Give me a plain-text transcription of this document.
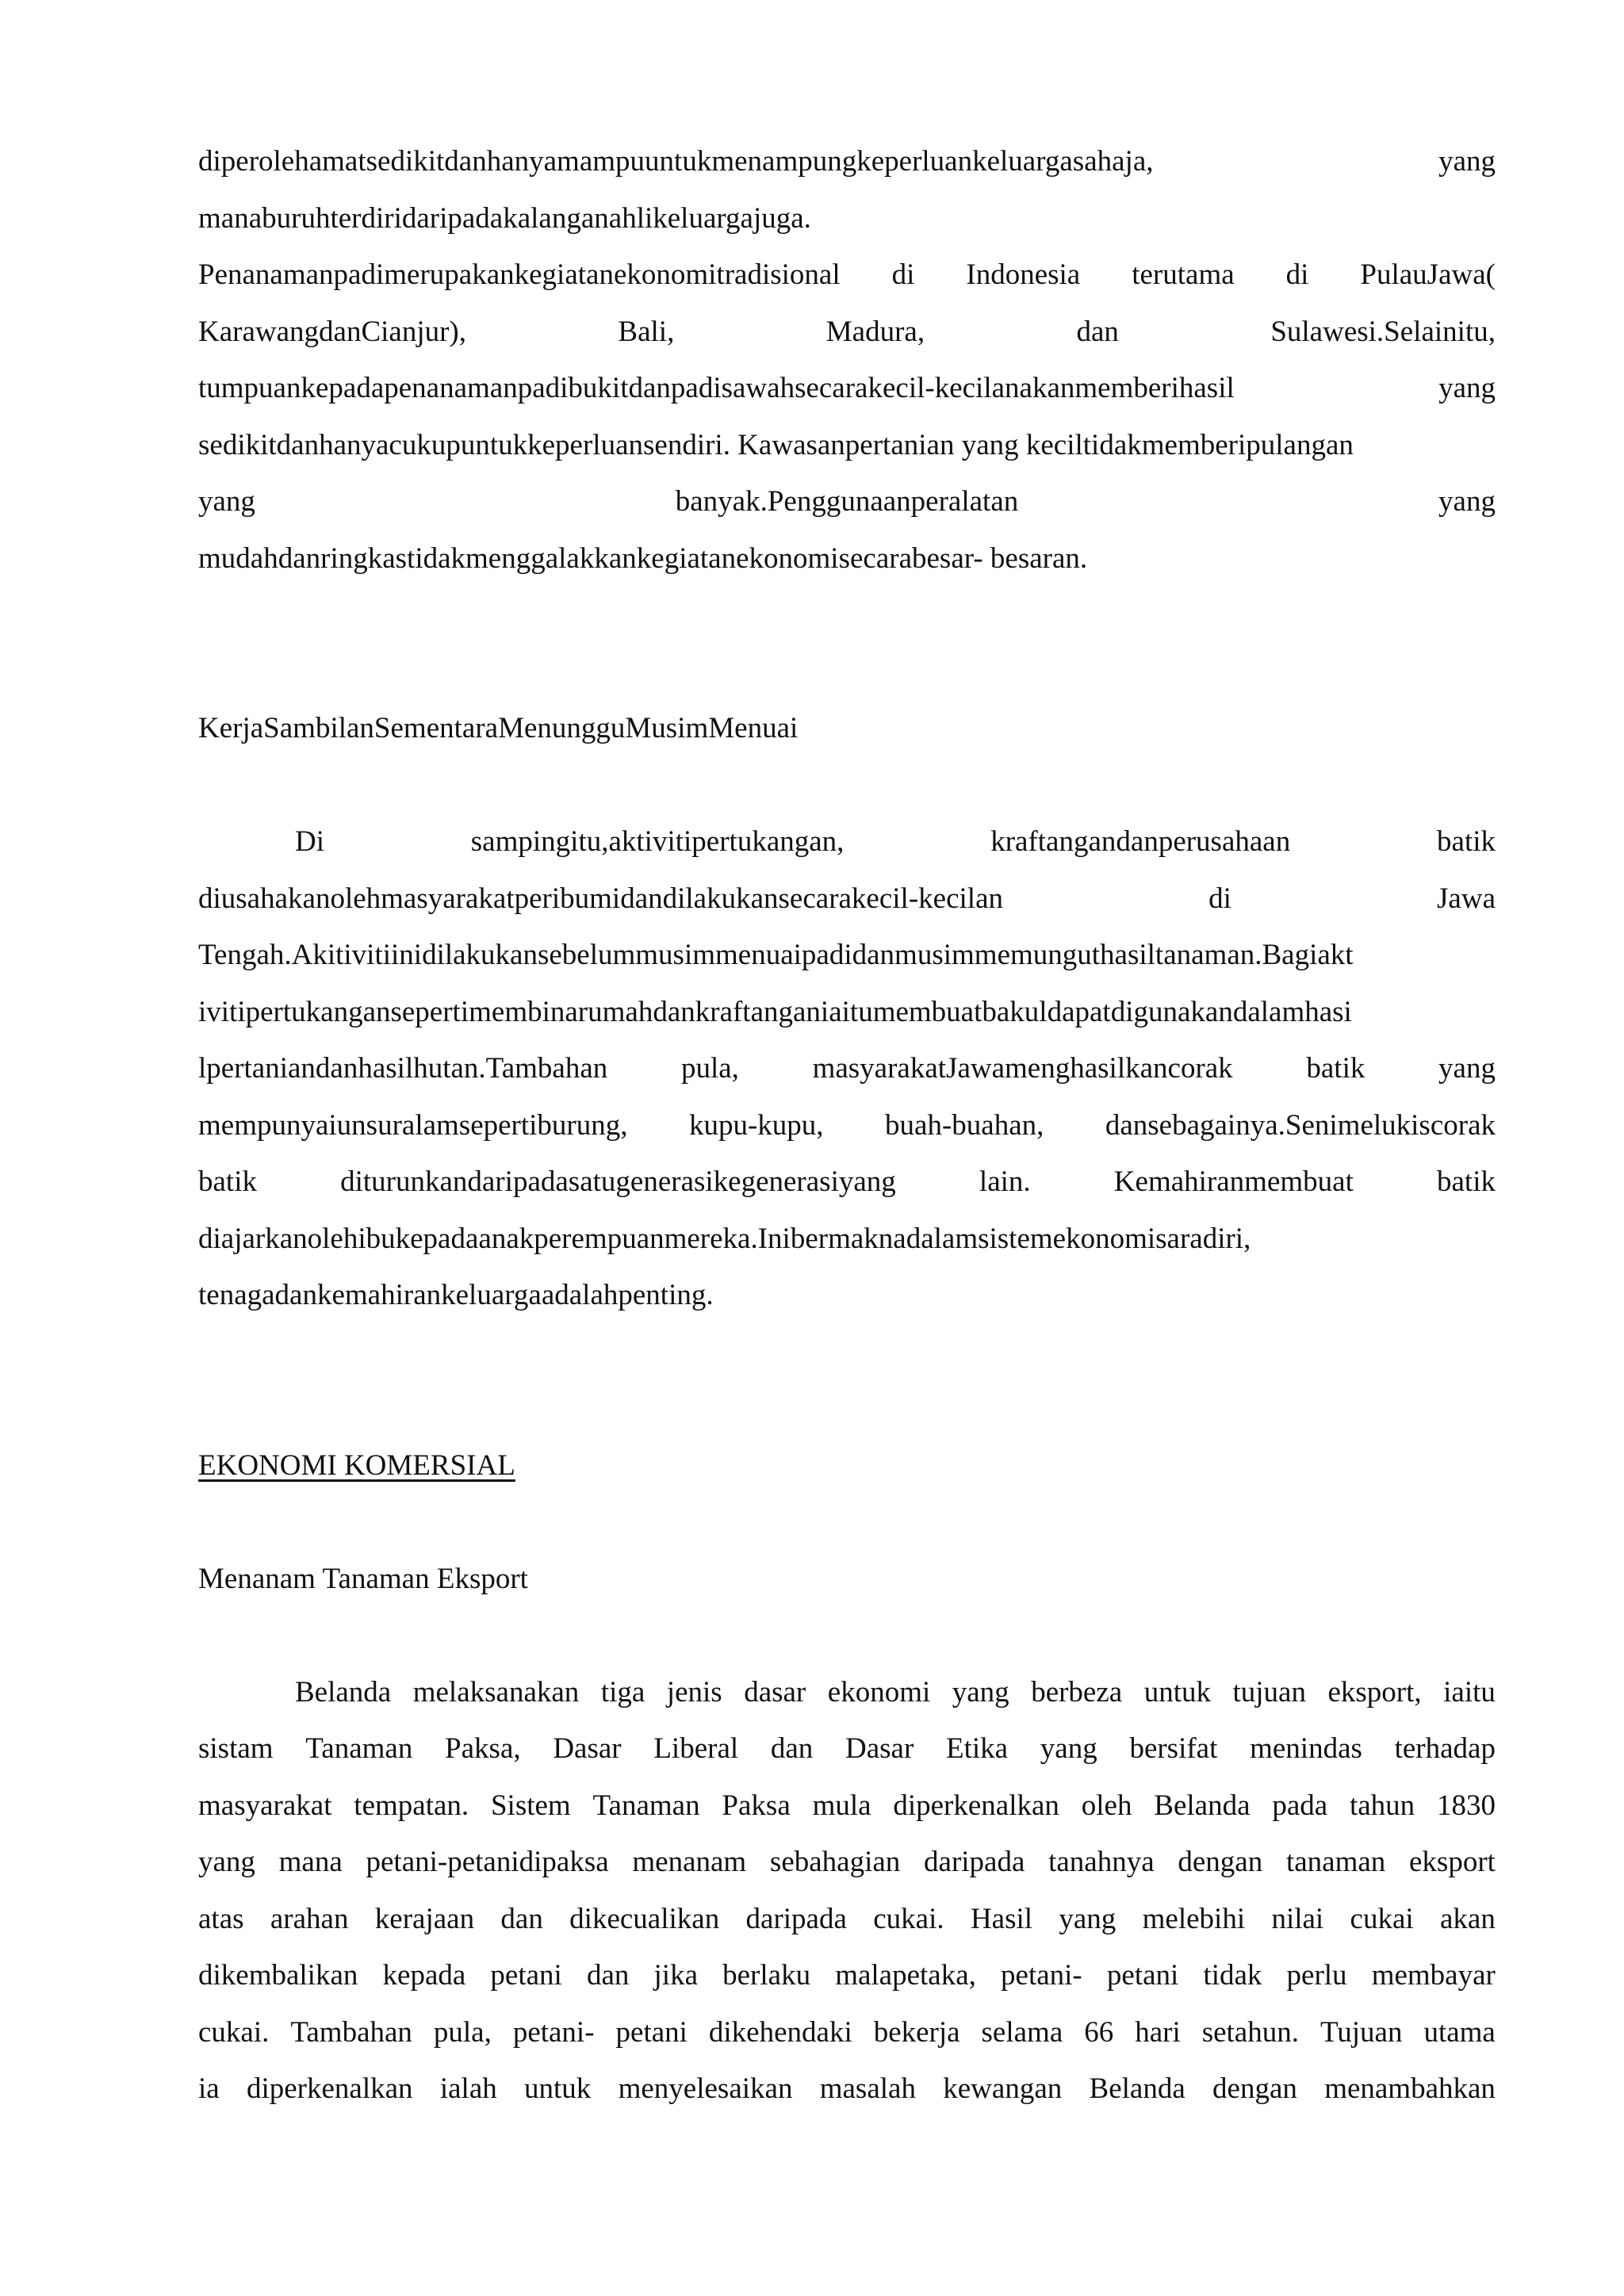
diperolehamatsedikitdanhanyamampuuntukmenampungkeperluankeluargasahaja,	yang
manaburuhterdiridaripadakalanganahlikeluargajuga.
Penanamanpadimerupakankegiatanekonomitradisional di Indonesia terutama di PulauJawa(
KarawangdanCianjur),	Bali,	Madura,	dan	Sulawesi.Selainitu,
tumpuankepadapenanamanpadibukitdanpadisawahsecarakecil-kecilanakanmemberihasil	yang
sedikitdanhanyacukupuntukkeperluansendiri. Kawasanpertanian yang keciltidakmemberipulangan
yang	banyak.Penggunaanperalatan	yang
mudahdanringkastidakmenggalakkankegiatanekonomisecarabesar- besaran.
KerjaSambilanSementaraMenungguMusimMenuai
Di	sampingitu,aktivitipertukangan,	kraftangandanperusahaan	batik
diusahakanolehmasyarakatperibumidandilakukansecarakecil-kecilan	di	Jawa
Tengah.Akitivitiinidilakukansebelummusimmenuaipadidanmusimmemunguthasiltanaman.Bagiakt
ivitipertukangansepertimembinarumahdankraftanganiaitumembuatbakuldapatdigunakandalamhasi
lpertaniandanhasilhutan.Tambahan	pula,	masyarakatJawamenghasilkancorak	batik	yang
mempunyaiunsuralamsepertiburung, kupu-kupu, buah-buahan, dansebagainya.Senimelukiscorak
batik	diturunkandaripadasatugenerasikegenerasiyang	lain.	Kemahiranmembuat	batik
diajarkanolehibukepadaanakperempuanmereka.Inibermaknadalamsistemekonomisaradiri,
tenagadankemahirankeluargaadalahpenting.
EKONOMI KOMERSIAL
Menanam Tanaman Eksport
Belanda melaksanakan tiga jenis dasar ekonomi yang berbeza untuk tujuan eksport, iaitu
sistam Tanaman Paksa, Dasar Liberal dan Dasar Etika yang bersifat menindas terhadap
masyarakat tempatan. Sistem Tanaman Paksa mula diperkenalkan oleh Belanda pada tahun 1830
yang mana petani-petanidipaksa menanam sebahagian daripada tanahnya dengan tanaman eksport
atas arahan kerajaan dan dikecualikan daripada cukai. Hasil yang melebihi nilai cukai akan
dikembalikan kepada petani dan jika berlaku malapetaka, petani- petani tidak perlu membayar
cukai. Tambahan pula, petani- petani dikehendaki bekerja selama 66 hari setahun. Tujuan utama
ia diperkenalkan ialah untuk menyelesaikan masalah kewangan Belanda dengan menambahkan
